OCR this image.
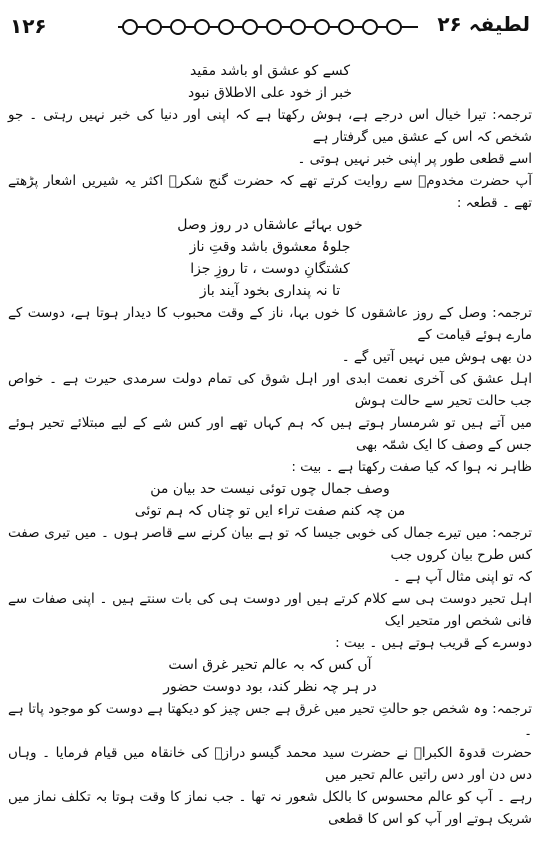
۱۲۶	لطیفہ ۲۶
کسے کو عشق او باشد مقید
خبر از خود علی الاطلاق نبود
ترجمہ: تیرا خیال اس درجے ہے، ہوش رکھتا ہے کہ اپنی اور دنیا کی خبر نہیں رہتی ۔ جو شخص کہ اس کے عشق میں گرفتار ہے
اسے قطعی طور پر اپنی خبر نہیں ہوتی ۔
آپ حضرت مخدومؒ سے روایت کرتے تھے کہ حضرت گنج شکرؒ اکثر یہ شیریں اشعار پڑھتے تھے ۔ قطعہ :
خوں بہائے عاشقاں در روز وصل
جلوۂ معشوق باشد وقتِ ناز
کشتگانِ دوست ، تا روزِ جزا
تا نہ پنداری بخود آیند باز
ترجمہ: وصل کے روز عاشقوں کا خوں بہا، ناز کے وقت محبوب کا دیدار ہوتا ہے، دوست کے مارے ہوئے قیامت کے
دن بھی ہوش میں نہیں آتیں گے ۔
اہل عشق کی آخری نعمت ابدی اور اہل شوق کی تمام دولت سرمدی حیرت ہے ۔ خواص جب حالت تحیر سے حالت ہوش
میں آتے ہیں تو شرمسار ہوتے ہیں کہ ہم کہاں تھے اور کس شے کے لیے مبتلائے تحیر ہوئے جس کے وصف کا ایک شمّہ بھی
ظاہر نہ ہوا کہ کیا صفت رکھتا ہے ۔ بیت :
وصف جمال چوں توئی نیست حد بیان من
من چہ کنم صفت تراء ایں تو چناں کہ ہم توئی
ترجمہ: میں تیرے جمال کی خوبی جیسا کہ تو ہے بیان کرنے سے قاصر ہوں ۔ میں تیری صفت کس طرح بیان کروں جب
کہ تو اپنی مثال آپ ہے ۔
اہل تحیر دوست ہی سے کلام کرتے ہیں اور دوست ہی کی بات سنتے ہیں ۔ اپنی صفات سے فانی شخص اور متحیر ایک
دوسرے کے قریب ہوتے ہیں ۔ بیت :
آں کس کہ بہ عالم تحیر غرق است
در ہر چہ نظر کند، بود دوست حضور
ترجمہ: وہ شخص جو حالتِ تحیر میں غرق ہے جس چیز کو دیکھتا ہے دوست کو موجود پاتا ہے ۔
حضرت قدوۃ الکبراؒ نے حضرت سید محمد گیسو درازؒ کی خانقاہ میں قیام فرمایا ۔ وہاں دس دن اور دس راتیں عالم تحیر میں
رہے ۔ آپ کو عالم محسوس کا بالکل شعور نہ تھا ۔ جب نماز کا وقت ہوتا بہ تکلف نماز میں شریک ہوتے اور آپ کو اس کا قطعی
